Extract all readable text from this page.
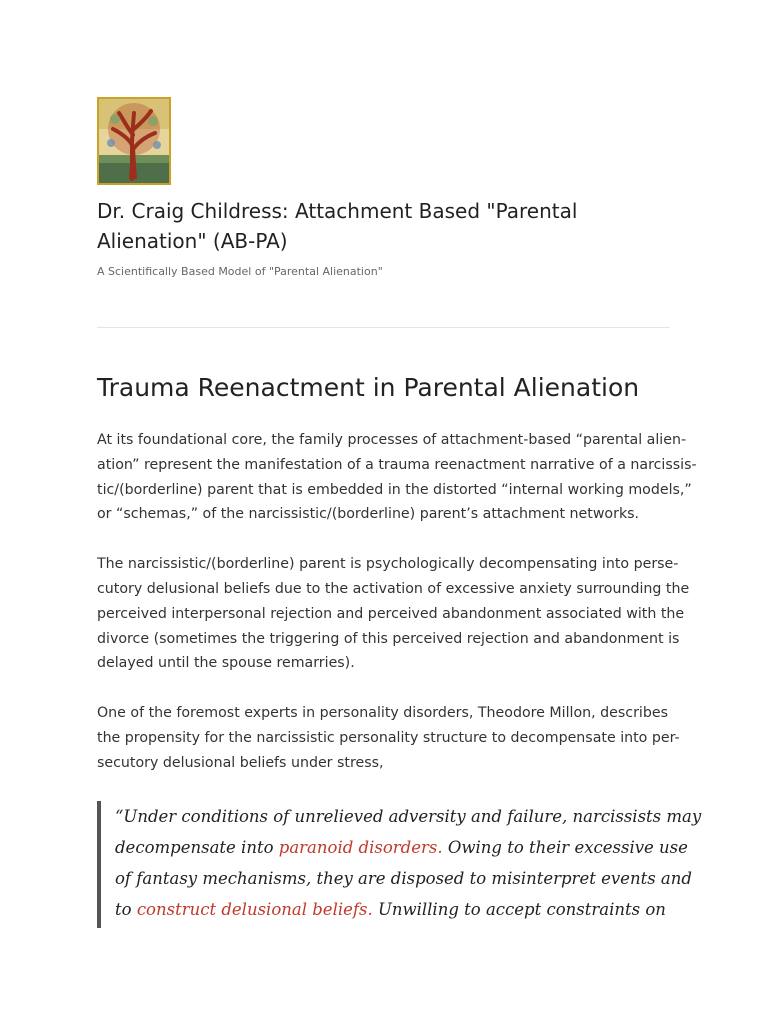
Dr. Craig Childress: Attachment Based "Parental
Alienation" (AB-PA)

A Scientifically Based Model of "Parental Alienation"

Trauma Reenactment in Parental Alienation

At its foundational core, the family processes of attachment-based “parental alien-
ation” represent the manifestation of a trauma reenactment narrative of a narcissis-
tic/(borderline) parent that is embedded in the distorted “internal working models,”
or “schemas,” of the narcissistic/(borderline) parent’s attachment networks.

The narcissistic/(borderline) parent is psychologically decompensating into perse-
cutory delusional beliefs due to the activation of excessive anxiety surrounding the
perceived interpersonal rejection and perceived abandonment associated with the
divorce (sometimes the triggering of this perceived rejection and abandonment is
delayed until the spouse remarries).

One of the foremost experts in personality disorders, Theodore Millon, describes
the propensity for the narcissistic personality structure to decompensate into per-
secutory delusional beliefs under stress,

“Under conditions of unrelieved adversity and failure, narcissists may
decompensate into paranoid disorders. Owing to their excessive use
of fantasy mechanisms, they are disposed to misinterpret events and
to construct delusional beliefs. Unwilling to accept constraints on
